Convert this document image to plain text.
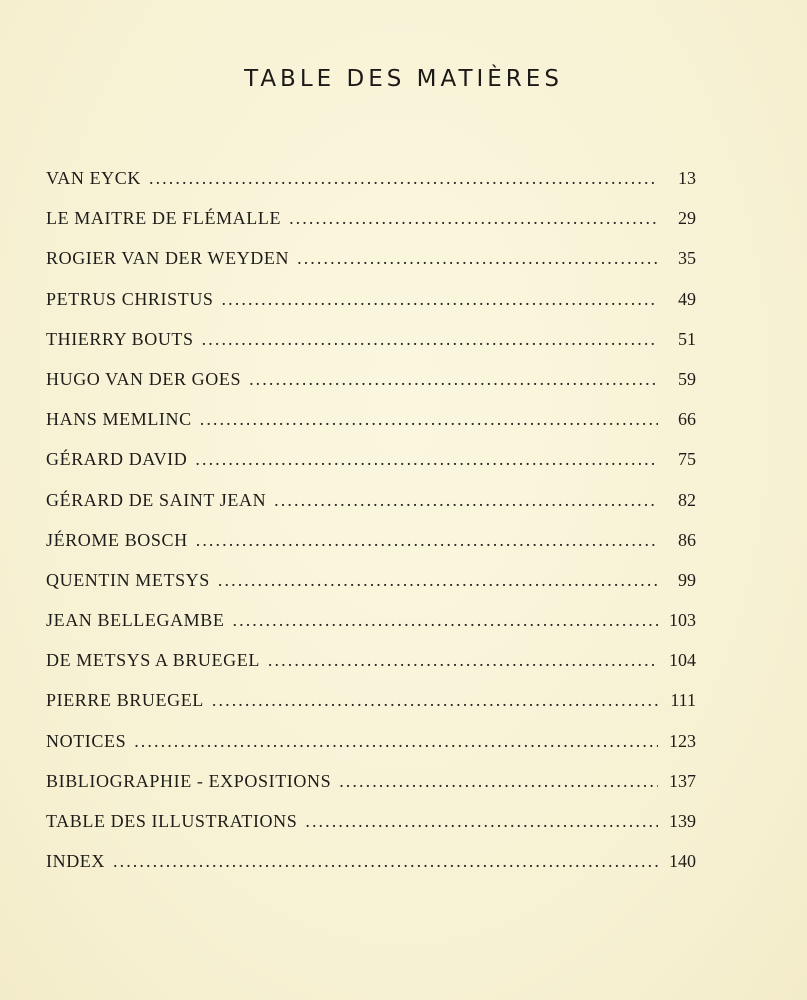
TABLE DES MATIÈRES
VAN EYCK . . .	13
LE MAITRE DE FLÉMALLE . . .	29
ROGIER VAN DER WEYDEN . . .	35
PETRUS CHRISTUS . . .	49
THIERRY BOUTS . . .	51
HUGO VAN DER GOES . . .	59
HANS MEMLINC . . .	66
GÉRARD DAVID . . .	75
GÉRARD DE SAINT JEAN . . .	82
JÉROME BOSCH . . .	86
QUENTIN METSYS . . .	99
JEAN BELLEGAMBE . . .	103
DE METSYS A BRUEGEL . . .	104
PIERRE BRUEGEL . . .	111
NOTICES . . .	123
BIBLIOGRAPHIE - EXPOSITIONS . . .	137
TABLE DES ILLUSTRATIONS . . .	139
INDEX . . .	140
